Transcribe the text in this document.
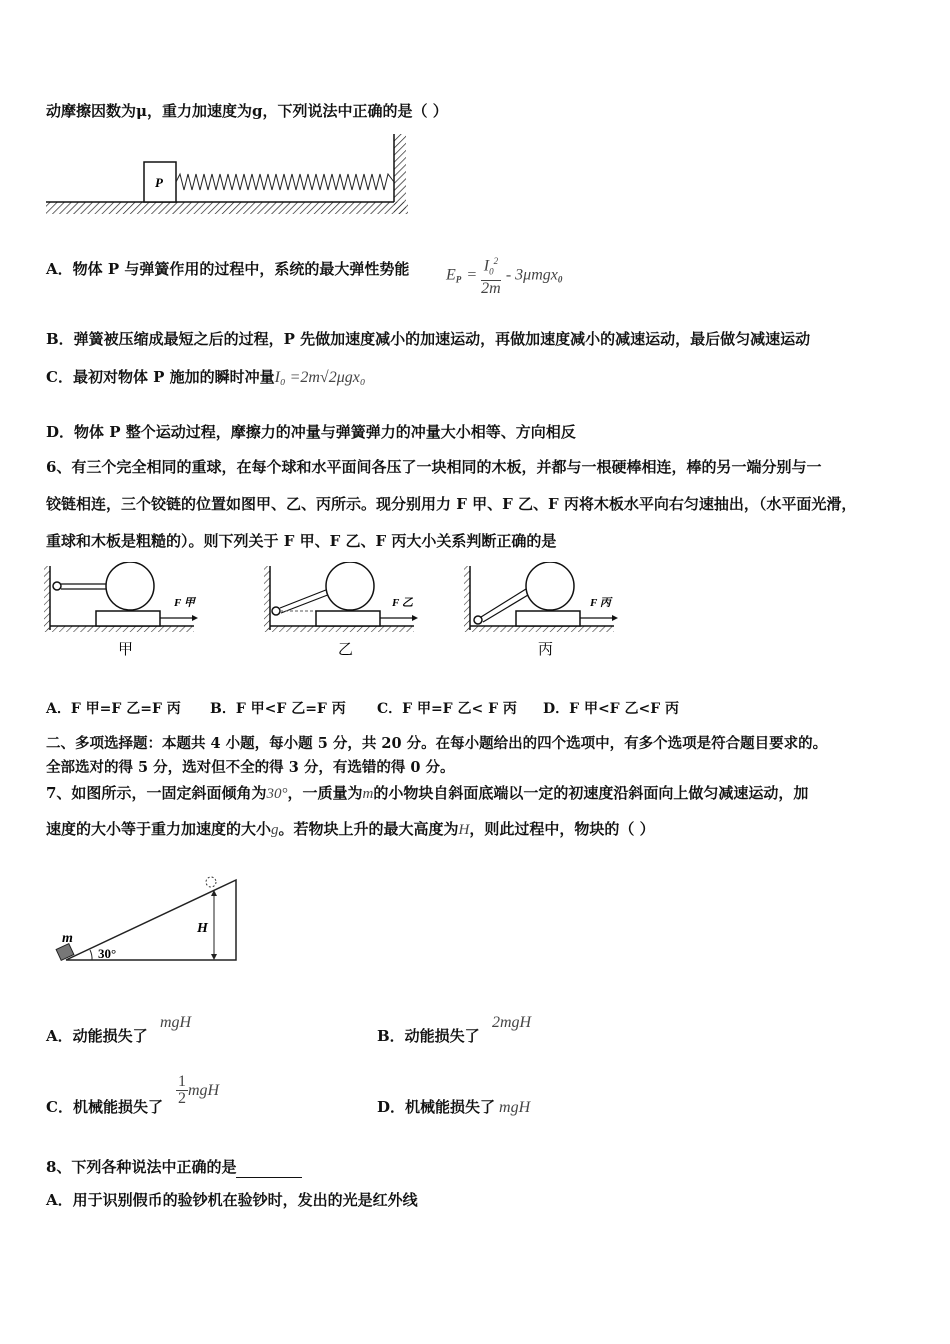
动摩擦因数为μ，重力加速度为g，下列说法中正确的是（ ）
P
A．物体 P 与弹簧作用的过程中，系统的最大弹性势能 $E_P = \frac{I_0^2}{2m} - 3\mu mgx_0$
B．弹簧被压缩成最短之后的过程，P 先做加速度减小的加速运动，再做加速度减小的减速运动，最后做匀减速运动
C．最初对物体 P 施加的瞬时冲量I₀ =2m√2μgx₀
D．物体 P 整个运动过程，摩擦力的冲量与弹簧弹力的冲量大小相等、方向相反
6、有三个完全相同的重球，在每个球和水平面间各压了一块相同的木板，并都与一根硬棒相连，棒的另一端分别与一
铰链相连，三个铰链的位置如图甲、乙、丙所示。现分别用力 F 甲、F 乙、F 丙将木板水平向右匀速抽出，（水平面光滑，
重球和木板是粗糙的）。则下列关于 F 甲、F 乙、F 丙大小关系判断正确的是
F 甲
甲
F 乙
乙
F 丙
丙
A．F 甲=F 乙=F 丙 B．F 甲<F 乙=F 丙 C．F 甲=F 乙< F 丙 D．F 甲<F 乙<F 丙
二、多项选择题：本题共 4 小题，每小题 5 分，共 20 分。在每小题给出的四个选项中，有多个选项是符合题目要求的。
全部选对的得 5 分，选对但不全的得 3 分，有选错的得 0 分。
7、如图所示，一固定斜面倾角为30°，一质量为m的小物块自斜面底端以一定的初速度沿斜面向上做匀减速运动，加
速度的大小等于重力加速度的大小g。若物块上升的最大高度为H，则此过程中，物块的（ ）
H
m
30°
A．动能损失了
mgH
B．动能损失了
2mgH
C．机械能损失了 $\frac{1}{2}$ mgH
D．机械能损失了 mgH
8、下列各种说法中正确的是
A．用于识别假币的验钞机在验钞时，发出的光是红外线
